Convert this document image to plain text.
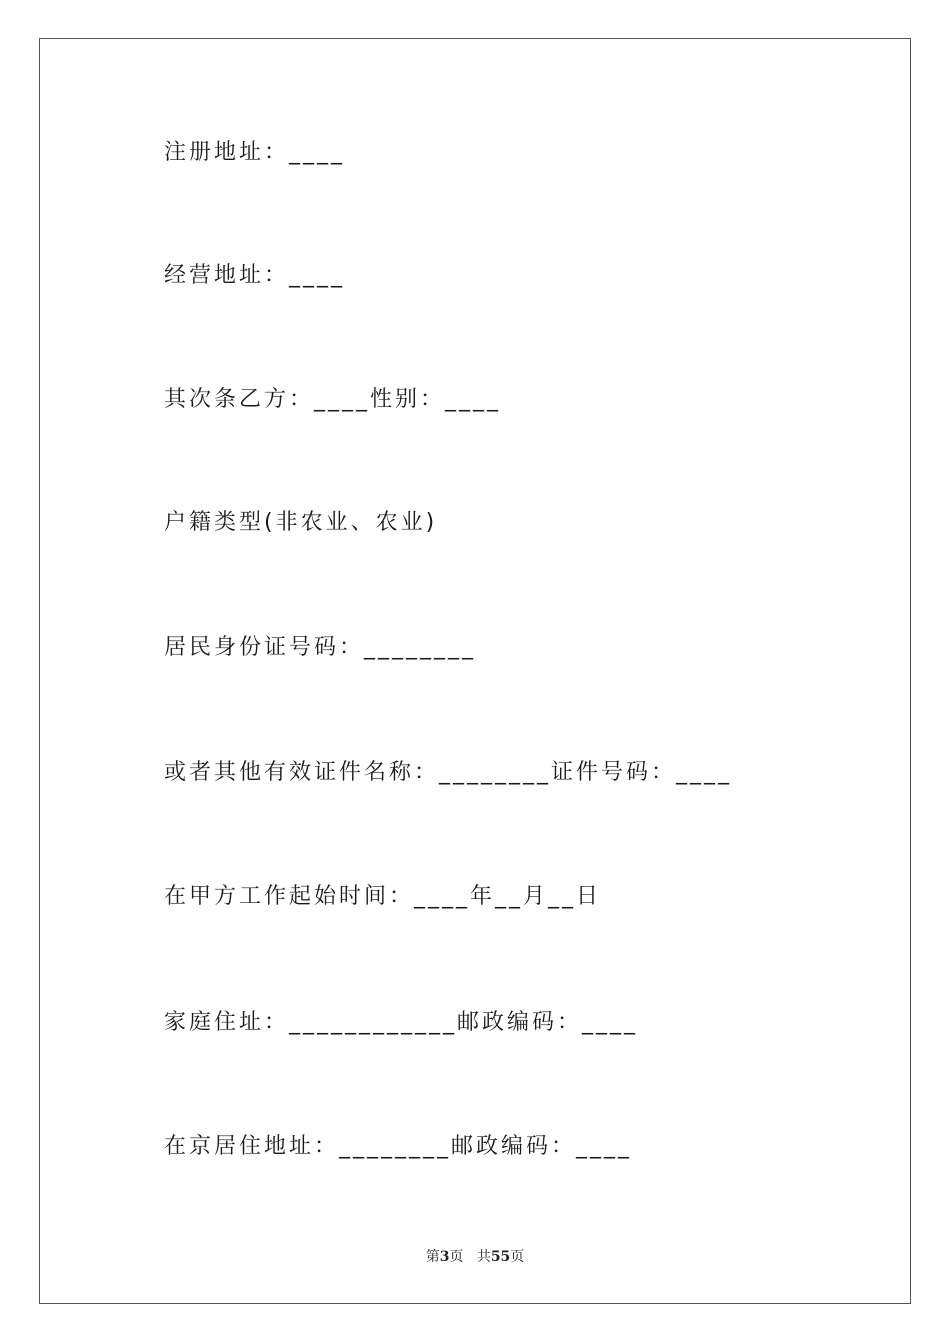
注册地址：____
经营地址：____
其次条乙方：____性别：____
户籍类型(非农业、农业)
居民身份证号码：________
或者其他有效证件名称：________证件号码：____
在甲方工作起始时间：____年__月__日
家庭住址：____________邮政编码：____
在京居住地址：________邮政编码：____
第3页 共55页
